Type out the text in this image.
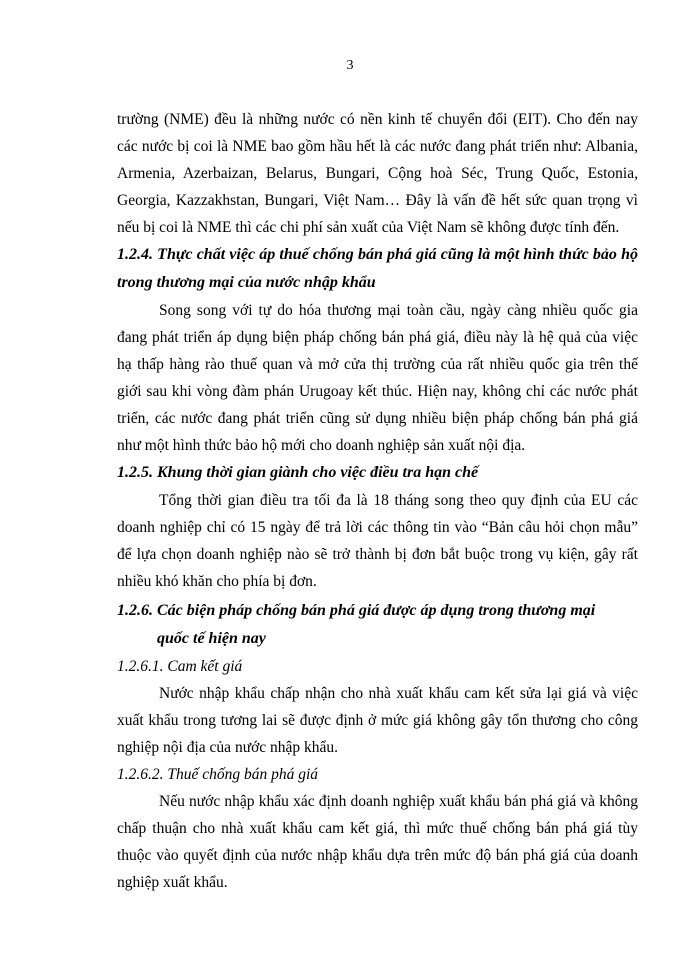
3

trường (NME) đều là những nước có nền kinh tế chuyển đổi (EIT). Cho đến nay các nước bị coi là NME bao gồm hầu hết là các nước đang phát triển như: Albania, Armenia, Azerbaizan, Belarus, Bungari, Cộng hoà Séc, Trung Quốc, Estonia, Georgia, Kazzakhstan, Bungari, Việt Nam… Đây là vấn đề hết sức quan trọng vì nếu bị coi là NME thì các chi phí sản xuất của Việt Nam sẽ không được tính đến.

1.2.4. Thực chất việc áp thuế chống bán phá giá cũng là một hình thức bảo hộ trong thương mại của nước nhập khẩu

Song song với tự do hóa thương mại toàn cầu, ngày càng nhiều quốc gia đang phát triển áp dụng biện pháp chống bán phá giá, điều này là hệ quả của việc hạ thấp hàng rào thuế quan và mở cửa thị trường của rất nhiều quốc gia trên thế giới sau khi vòng đàm phán Urugoay kết thúc. Hiện nay, không chỉ các nước phát triển, các nước đang phát triển cũng sử dụng nhiều biện pháp chống bán phá giá như một hình thức bảo hộ mới cho doanh nghiệp sản xuất nội địa.

1.2.5. Khung thời gian giành cho việc điều tra hạn chế

Tổng thời gian điều tra tối đa là 18 tháng song theo quy định của EU các doanh nghiệp chỉ có 15 ngày để trả lời các thông tin vào “Bản câu hỏi chọn mẫu” để lựa chọn doanh nghiệp nào sẽ trở thành bị đơn bắt buộc trong vụ kiện, gây rất nhiều khó khăn cho phía bị đơn.

1.2.6. Các biện pháp chống bán phá giá được áp dụng trong thương mại
quốc tế hiện nay
1.2.6.1. Cam kết giá

Nước nhập khẩu chấp nhận cho nhà xuất khẩu cam kết sửa lại giá và việc xuất khẩu trong tương lai sẽ được định ở mức giá không gây tổn thương cho công nghiệp nội địa của nước nhập khẩu.

1.2.6.2. Thuế chống bán phá giá

Nếu nước nhập khẩu xác định doanh nghiệp xuất khẩu bán phá giá và không chấp thuận cho nhà xuất khẩu cam kết giá, thì mức thuế chống bán phá giá tùy thuộc vào quyết định của nước nhập khẩu dựa trên mức độ bán phá giá của doanh nghiệp xuất khẩu.
